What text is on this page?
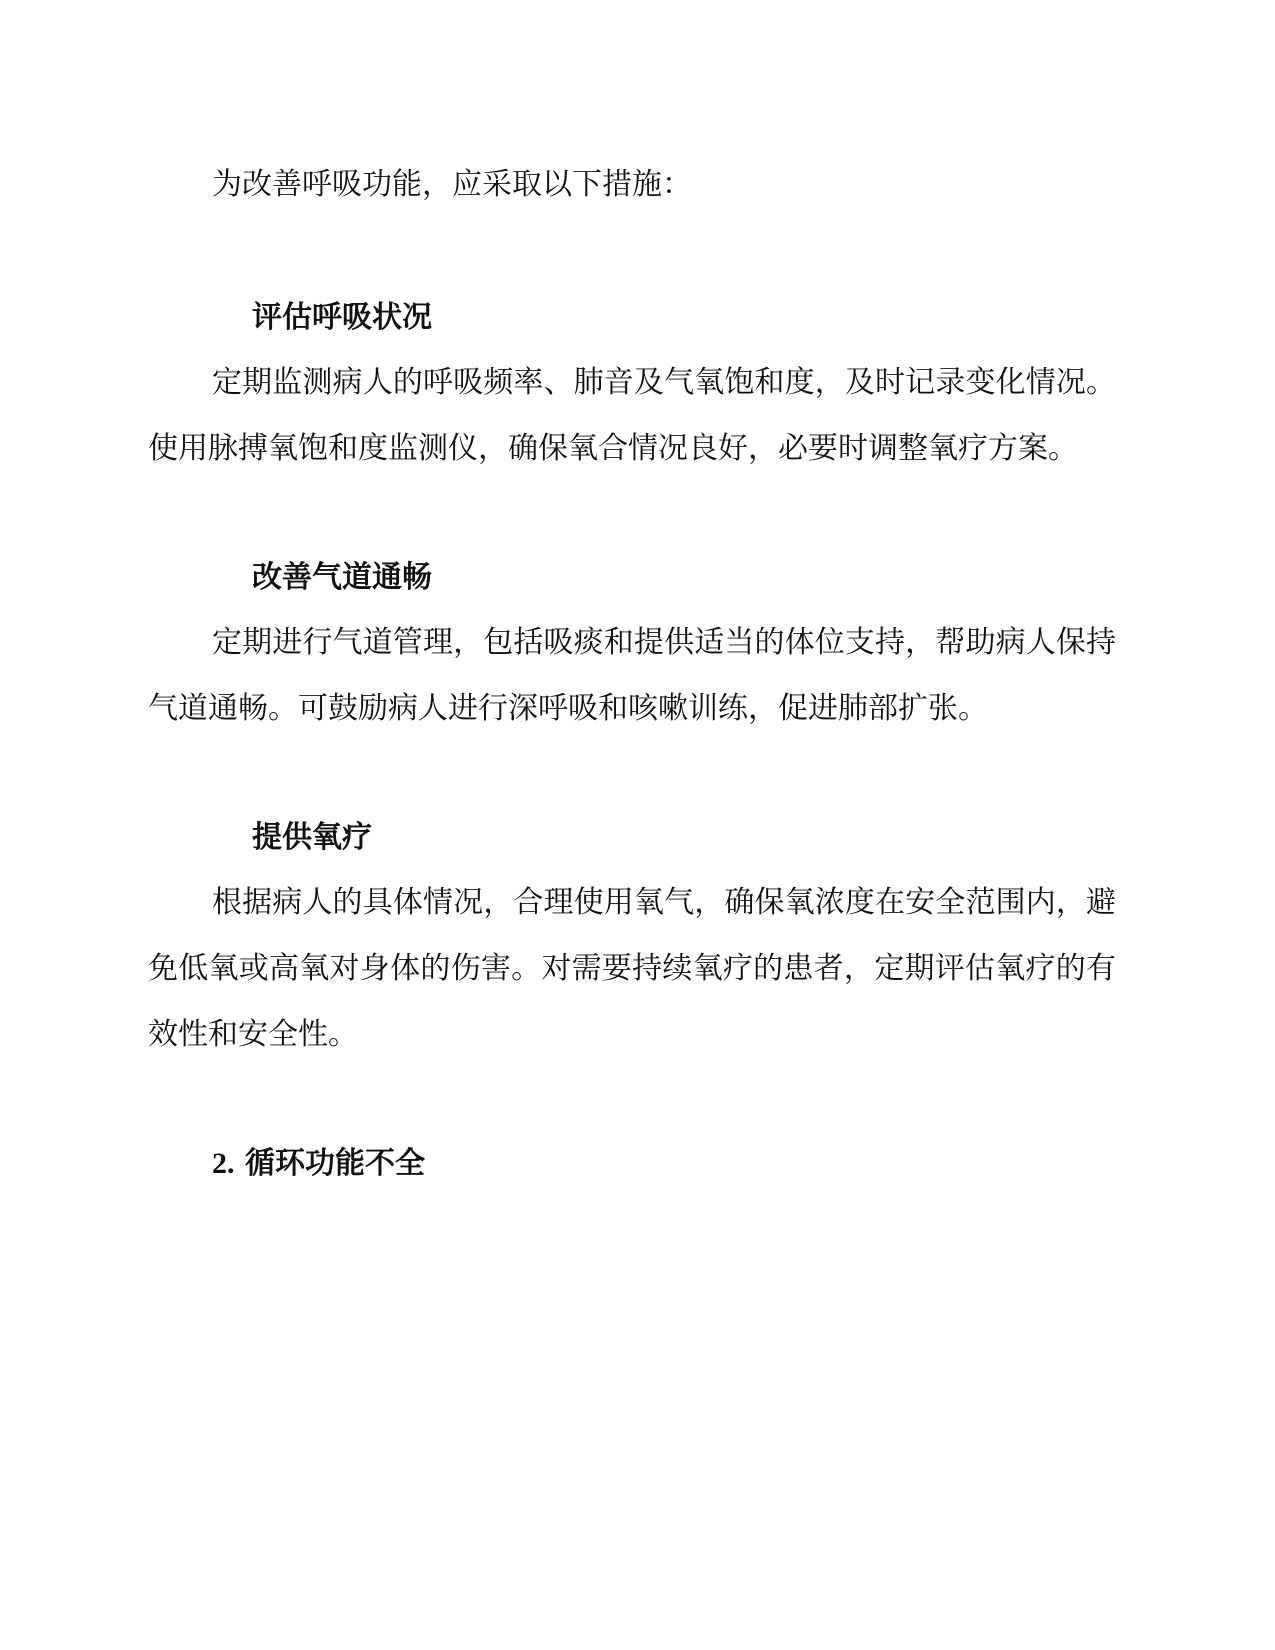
为改善呼吸功能，应采取以下措施：

评估呼吸状况

定期监测病人的呼吸频率、肺音及气氧饱和度，及时记录变化情况。使用脉搏氧饱和度监测仪，确保氧合情况良好，必要时调整氧疗方案。

改善气道通畅

定期进行气道管理，包括吸痰和提供适当的体位支持，帮助病人保持气道通畅。可鼓励病人进行深呼吸和咳嗽训练，促进肺部扩张。

提供氧疗

根据病人的具体情况，合理使用氧气，确保氧浓度在安全范围内，避免低氧或高氧对身体的伤害。对需要持续氧疗的患者，定期评估氧疗的有效性和安全性。

2. 循环功能不全
